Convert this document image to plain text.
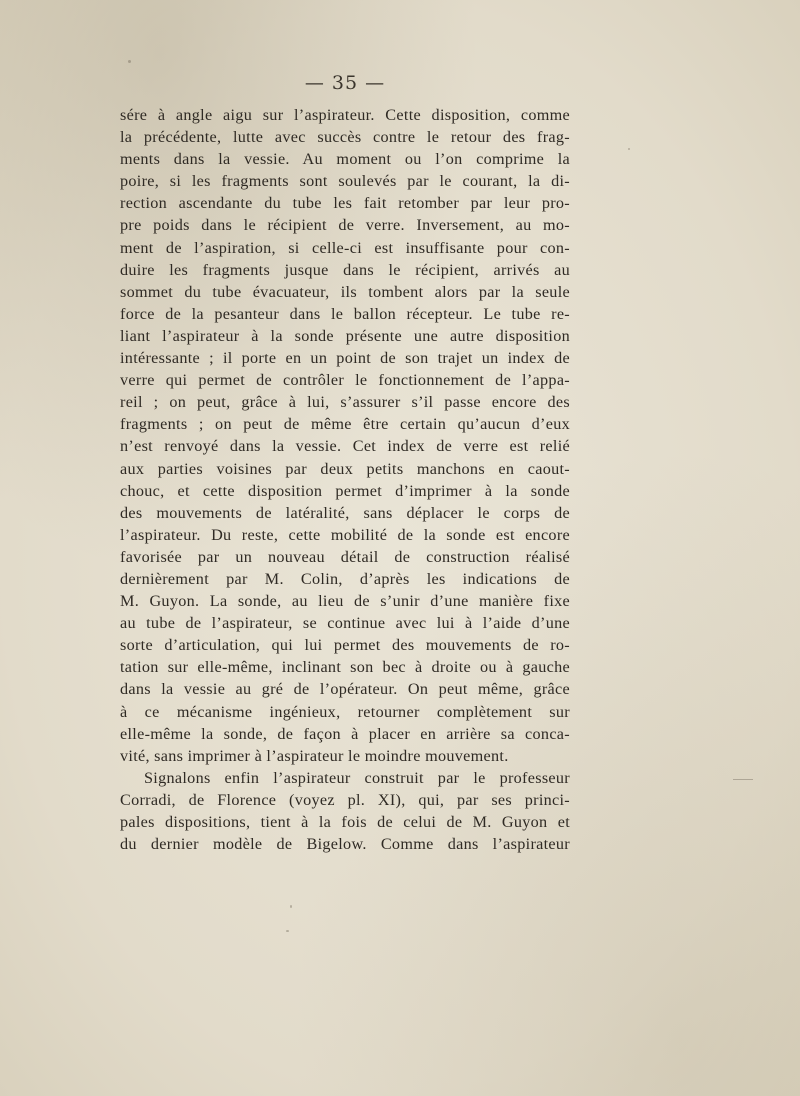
— 35 —
sére à angle aigu sur l’aspirateur. Cette disposition, comme
la précédente, lutte avec succès contre le retour des frag-
ments dans la vessie. Au moment ou l’on comprime la
poire, si les fragments sont soulevés par le courant, la di-
rection ascendante du tube les fait retomber par leur pro-
pre poids dans le récipient de verre. Inversement, au mo-
ment de l’aspiration, si celle-ci est insuffisante pour con-
duire les fragments jusque dans le récipient, arrivés au
sommet du tube évacuateur, ils tombent alors par la seule
force de la pesanteur dans le ballon récepteur. Le tube re-
liant l’aspirateur à la sonde présente une autre disposition
intéressante ; il porte en un point de son trajet un index de
verre qui permet de contrôler le fonctionnement de l’appa-
reil ; on peut, grâce à lui, s’assurer s’il passe encore des
fragments ; on peut de même être certain qu’aucun d’eux
n’est renvoyé dans la vessie. Cet index de verre est relié
aux parties voisines par deux petits manchons en caout-
chouc, et cette disposition permet d’imprimer à la sonde
des mouvements de latéralité, sans déplacer le corps de
l’aspirateur. Du reste, cette mobilité de la sonde est encore
favorisée par un nouveau détail de construction réalisé
dernièrement par M. Colin, d’après les indications de
M. Guyon. La sonde, au lieu de s’unir d’une manière fixe
au tube de l’aspirateur, se continue avec lui à l’aide d’une
sorte d’articulation, qui lui permet des mouvements de ro-
tation sur elle-même, inclinant son bec à droite ou à gauche
dans la vessie au gré de l’opérateur. On peut même, grâce
à ce mécanisme ingénieux, retourner complètement sur
elle-même la sonde, de façon à placer en arrière sa conca-
vité, sans imprimer à l’aspirateur le moindre mouvement.
Signalons enfin l’aspirateur construit par le professeur
Corradi, de Florence (voyez pl. XI), qui, par ses princi-
pales dispositions, tient à la fois de celui de M. Guyon et
du dernier modèle de Bigelow. Comme dans l’aspirateur
